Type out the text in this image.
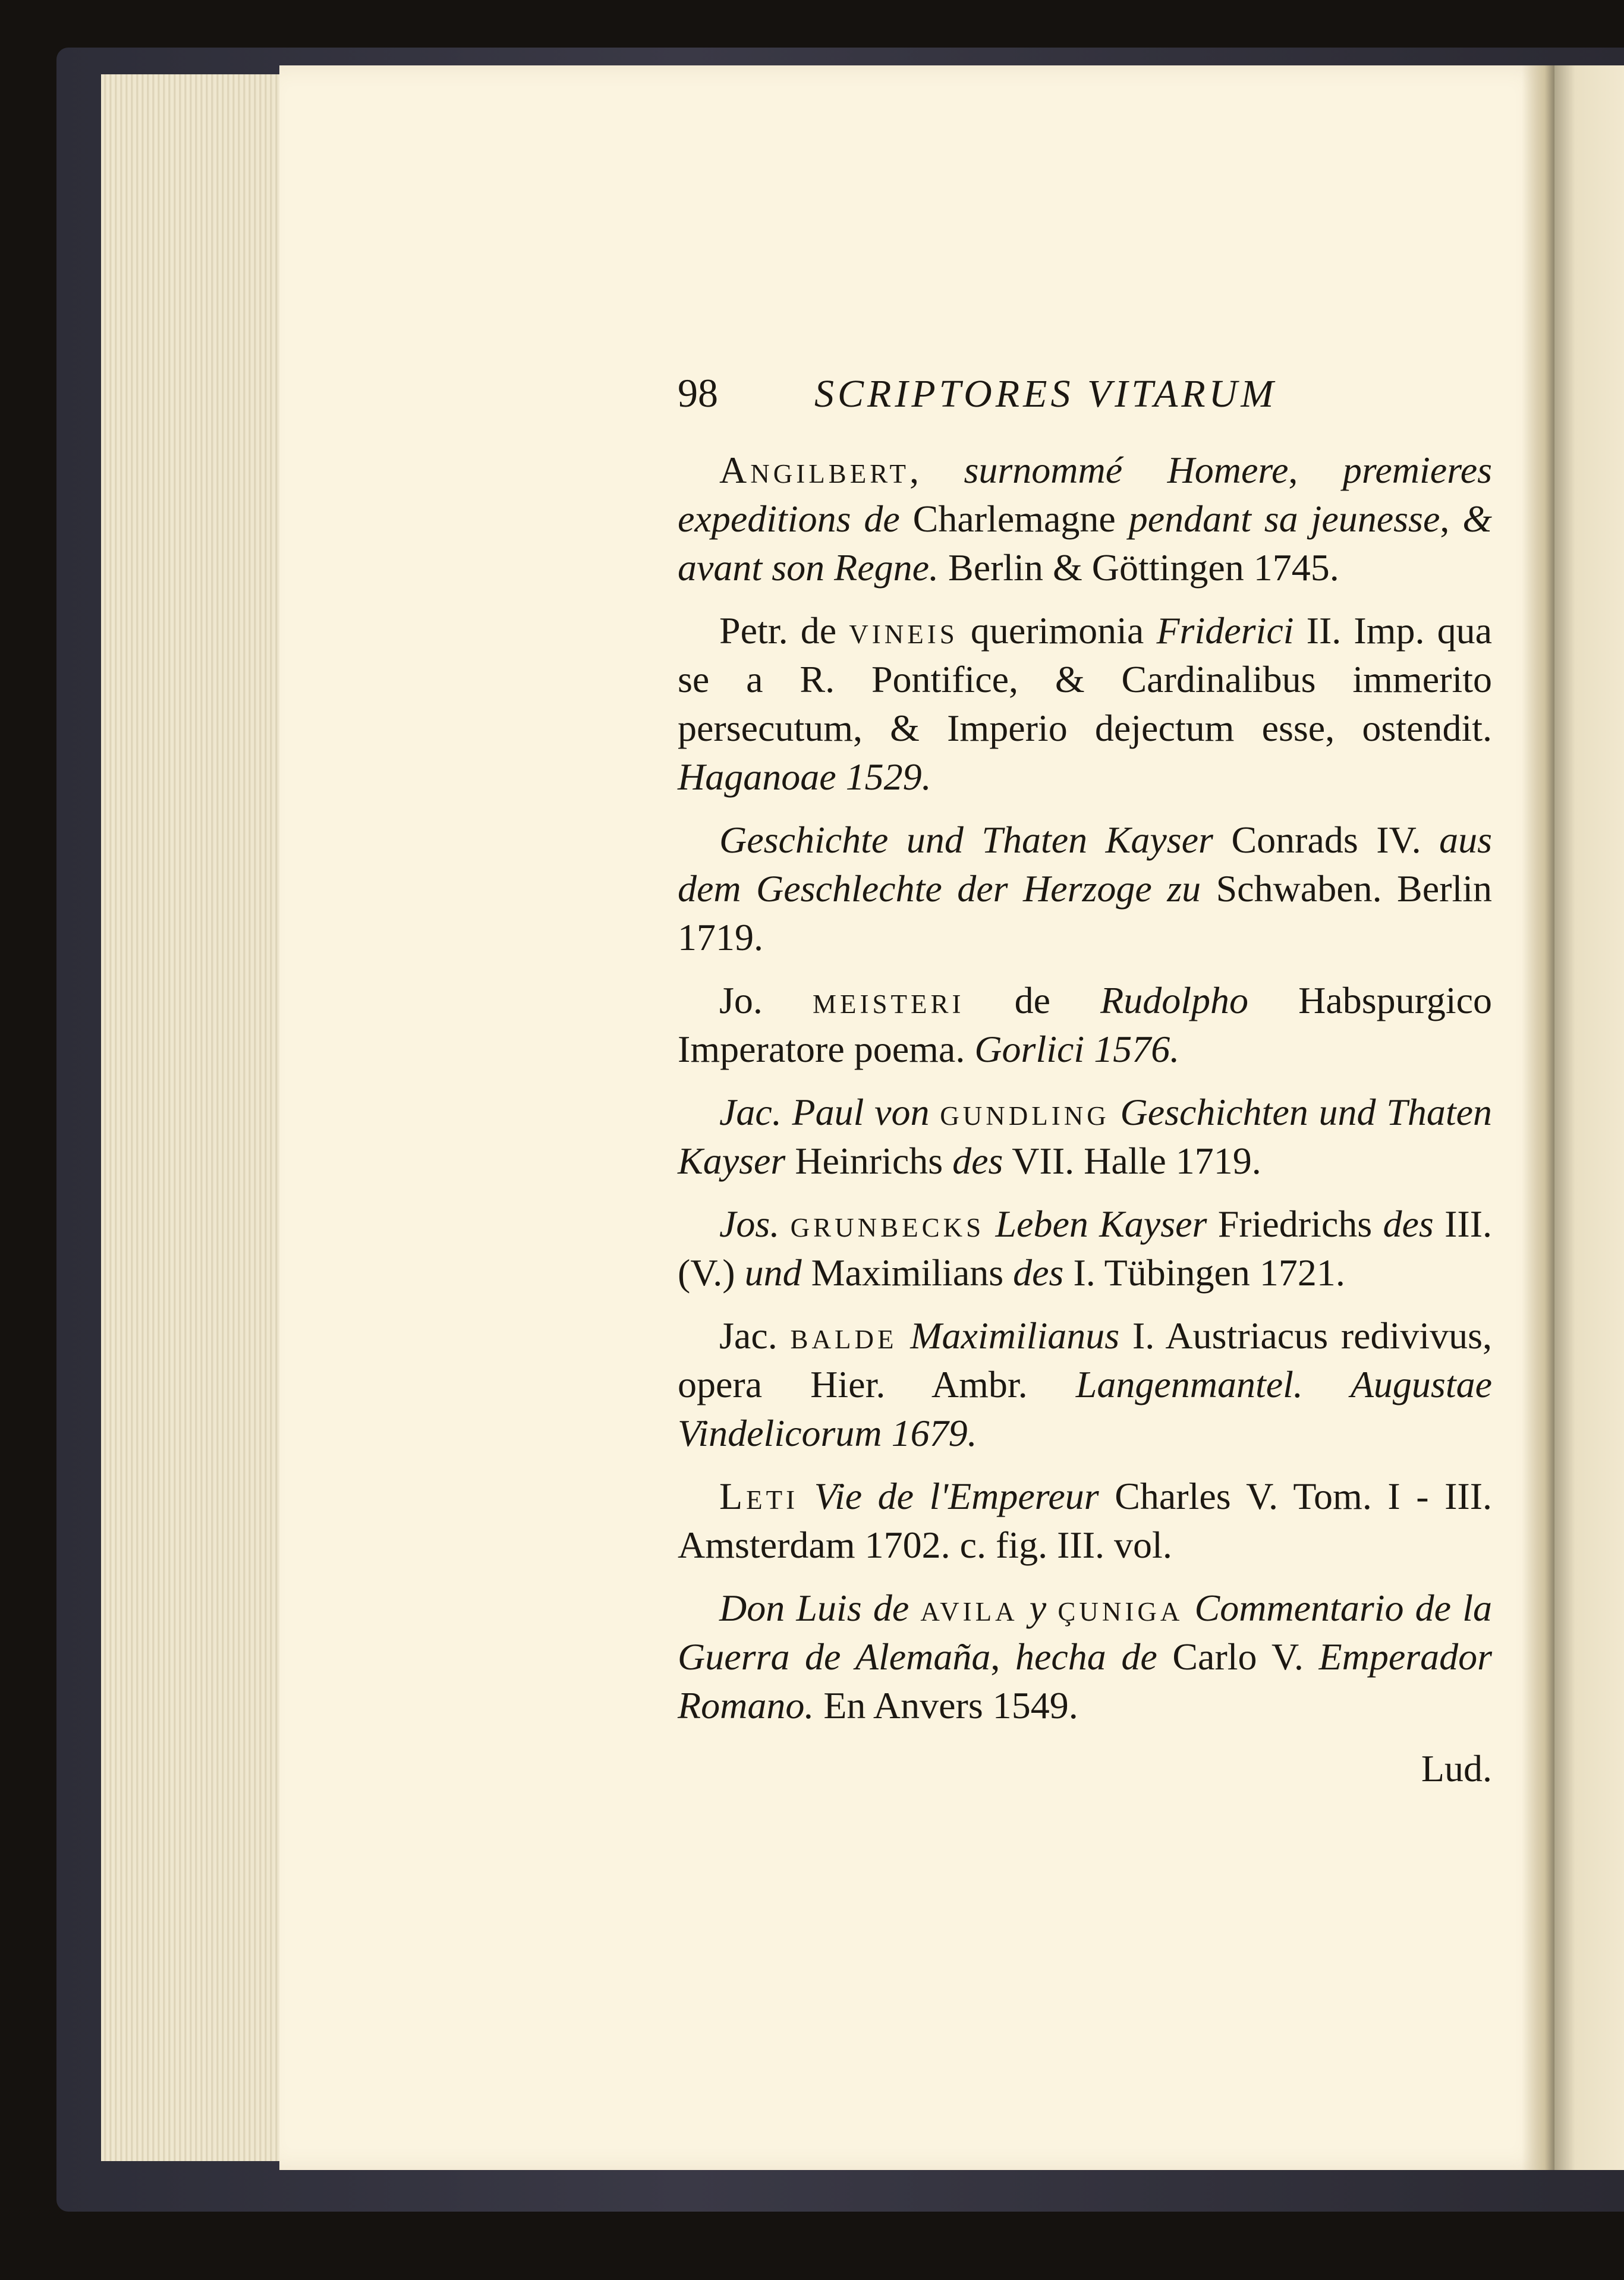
98	SCRIPTORES VITARUM

Angilbert, surnommé Homere, premieres expeditions de Charlemagne pendant sa jeunesse, & avant son Regne. Berlin & Göttingen 1745.

Petr. de vineis querimonia Friderici II. Imp. qua se a R. Pontifice, & Cardinalibus immerito persecutum, & Imperio dejectum esse, ostendit. Haganoae 1529.

Geschichte und Thaten Kayser Conrads IV. aus dem Geschlechte der Herzoge zu Schwaben. Berlin 1719.

Jo. meisteri de Rudolpho Habspurgico Imperatore poema. Gorlici 1576.

Jac. Paul von gundling Geschichten und Thaten Kayser Heinrichs des VII. Halle 1719.

Jos. grunbecks Leben Kayser Friedrichs des III. (V.) und Maximilians des I. Tübingen 1721.

Jac. balde Maximilianus I. Austriacus redivivus, opera Hier. Ambr. Langenmantel. Augustae Vindelicorum 1679.

Leti Vie de l'Empereur Charles V. Tom. I - III. Amsterdam 1702. c. fig. III. vol.

Don Luis de avila y çuniga Commentario de la Guerra de Alemaña, hecha de Carlo V. Emperador Romano. En Anvers 1549.

Lud.
